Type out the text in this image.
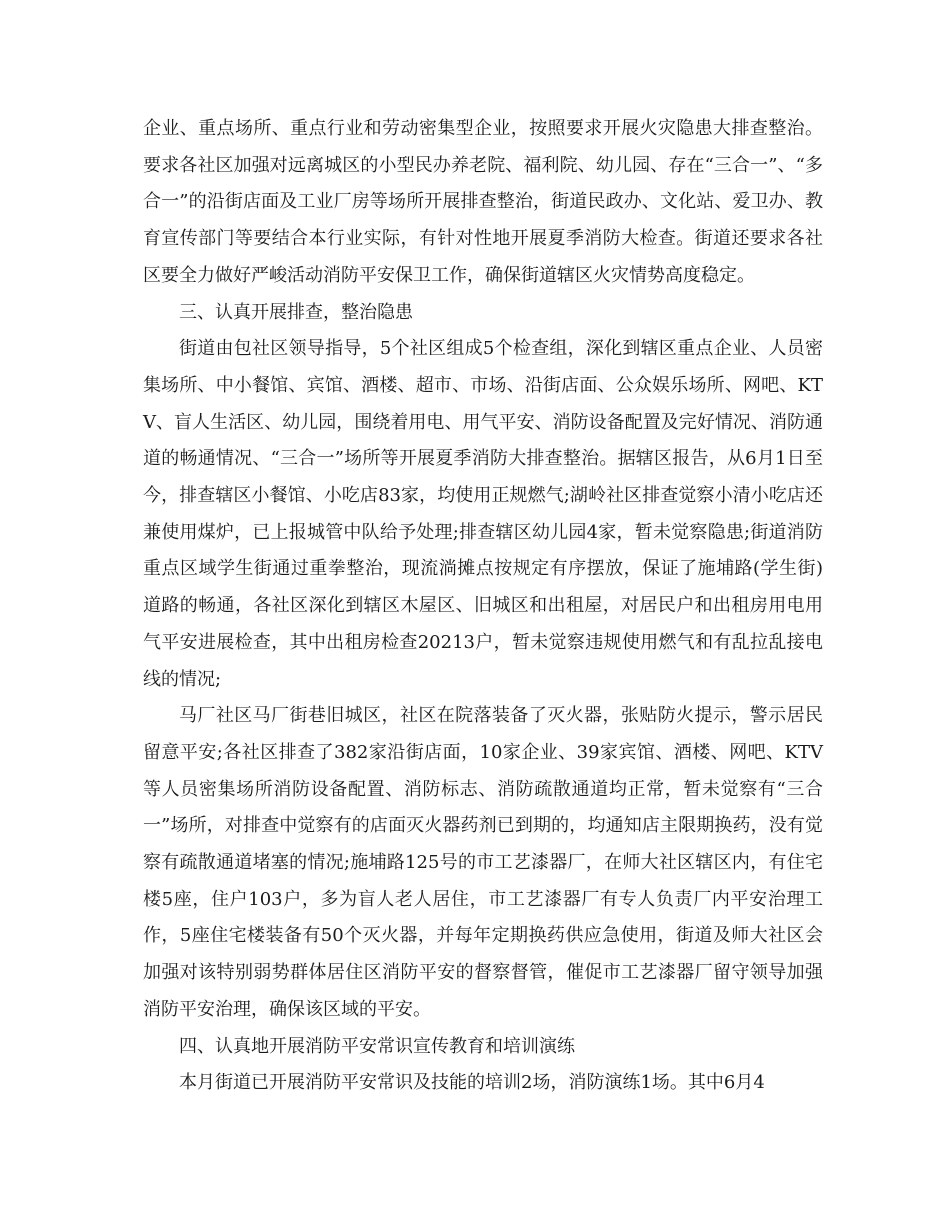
企业、重点场所、重点行业和劳动密集型企业，按照要求开展火灾隐患大排查整治。要求各社区加强对远离城区的小型民办养老院、福利院、幼儿园、存在“三合一”、“多合一”的沿街店面及工业厂房等场所开展排查整治，街道民政办、文化站、爱卫办、教育宣传部门等要结合本行业实际，有针对性地开展夏季消防大检查。街道还要求各社区要全力做好严峻活动消防平安保卫工作，确保街道辖区火灾情势高度稳定。

三、认真开展排查，整治隐患

街道由包社区领导指导，5个社区组成5个检查组，深化到辖区重点企业、人员密集场所、中小餐馆、宾馆、酒楼、超市、市场、沿街店面、公众娱乐场所、网吧、KTV、盲人生活区、幼儿园，围绕着用电、用气平安、消防设备配置及完好情况、消防通道的畅通情况、“三合一”场所等开展夏季消防大排查整治。据辖区报告，从6月1日至今，排查辖区小餐馆、小吃店83家，均使用正规燃气;湖岭社区排查觉察小清小吃店还兼使用煤炉，已上报城管中队给予处理;排查辖区幼儿园4家，暂未觉察隐患;街道消防重点区域学生街通过重拳整治，现流淌摊点按规定有序摆放，保证了施埔路(学生街)道路的畅通，各社区深化到辖区木屋区、旧城区和出租屋，对居民户和出租房用电用气平安进展检查，其中出租房检查20213户，暂未觉察违规使用燃气和有乱拉乱接电线的情况;

马厂社区马厂街巷旧城区，社区在院落装备了灭火器，张贴防火提示，警示居民留意平安;各社区排查了382家沿街店面，10家企业、39家宾馆、酒楼、网吧、KTV等人员密集场所消防设备配置、消防标志、消防疏散通道均正常，暂未觉察有“三合一”场所，对排查中觉察有的店面灭火器药剂已到期的，均通知店主限期换药，没有觉察有疏散通道堵塞的情况;施埔路125号的市工艺漆器厂，在师大社区辖区内，有住宅楼5座，住户103户，多为盲人老人居住，市工艺漆器厂有专人负责厂内平安治理工作，5座住宅楼装备有50个灭火器，并每年定期换药供应急使用，街道及师大社区会加强对该特别弱势群体居住区消防平安的督察督管，催促市工艺漆器厂留守领导加强消防平安治理，确保该区域的平安。

四、认真地开展消防平安常识宣传教育和培训演练

本月街道已开展消防平安常识及技能的培训2场，消防演练1场。其中6月4
